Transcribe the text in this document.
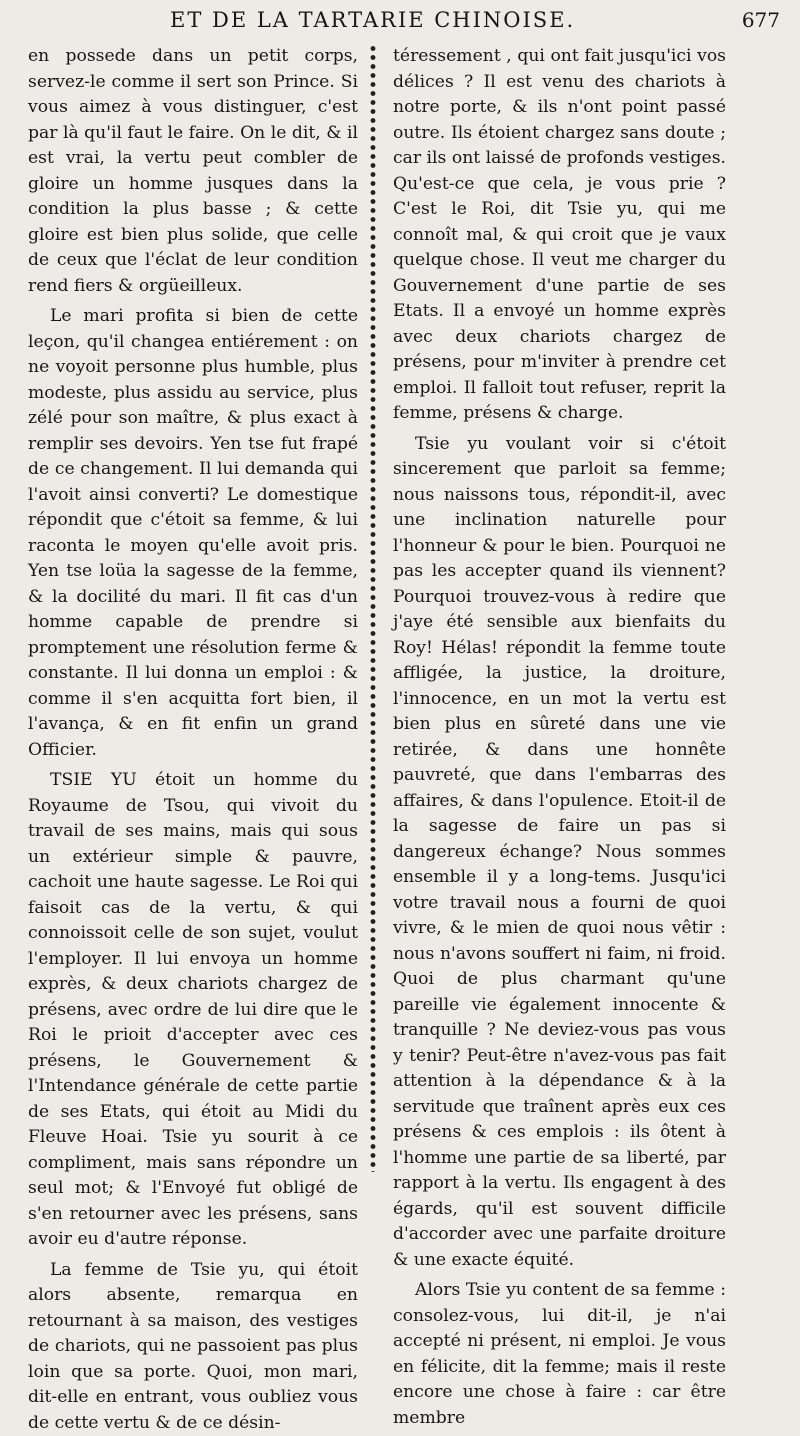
ET DE LA TARTARIE CHINOISE.	677

en possede dans un petit corps, servez-le comme il sert son Prince. Si vous aimez à vous distinguer, c'est par là qu'il faut le faire. On le dit, & il est vrai, la vertu peut combler de gloire un homme jusques dans la condition la plus basse ; & cette gloire est bien plus solide, que celle de ceux que l'éclat de leur condition rend fiers & orgüeilleux.

Le mari profita si bien de cette leçon, qu'il changea entiérement : on ne voyoit personne plus humble, plus modeste, plus assidu au service, plus zélé pour son maître, & plus exact à remplir ses devoirs. Yen tse fut frapé de ce changement. Il lui demanda qui l'avoit ainsi converti? Le domestique répondit que c'étoit sa femme, & lui raconta le moyen qu'elle avoit pris. Yen tse loüa la sagesse de la femme, & la docilité du mari. Il fit cas d'un homme capable de prendre si promptement une résolution ferme & constante. Il lui donna un emploi : & comme il s'en acquitta fort bien, il l'avança, & en fit enfin un grand Officier.

TSIE YU étoit un homme du Royaume de Tsou, qui vivoit du travail de ses mains, mais qui sous un extérieur simple & pauvre, cachoit une haute sagesse. Le Roi qui faisoit cas de la vertu, & qui connoissoit celle de son sujet, voulut l'employer. Il lui envoya un homme exprès, & deux chariots chargez de présens, avec ordre de lui dire que le Roi le prioit d'accepter avec ces présens, le Gouvernement & l'Intendance générale de cette partie de ses Etats, qui étoit au Midi du Fleuve Hoai. Tsie yu sourit à ce compliment, mais sans répondre un seul mot; & l'Envoyé fut obligé de s'en retourner avec les présens, sans avoir eu d'autre réponse.

La femme de Tsie yu, qui étoit alors absente, remarqua en retournant à sa maison, des vestiges de chariots, qui ne passoient pas plus loin que sa porte. Quoi, mon mari, dit-elle en entrant, vous oubliez vous de cette vertu & de ce désin-

téressement , qui ont fait jusqu'ici vos délices ? Il est venu des chariots à notre porte, & ils n'ont point passé outre. Ils étoient chargez sans doute ; car ils ont laissé de profonds vestiges. Qu'est-ce que cela, je vous prie ? C'est le Roi, dit Tsie yu, qui me connoît mal, & qui croit que je vaux quelque chose. Il veut me charger du Gouvernement d'une partie de ses Etats. Il a envoyé un homme exprès avec deux chariots chargez de présens, pour m'inviter à prendre cet emploi. Il falloit tout refuser, reprit la femme, présens & charge.

Tsie yu voulant voir si c'étoit sincerement que parloit sa femme; nous naissons tous, répondit-il, avec une inclination naturelle pour l'honneur & pour le bien. Pourquoi ne pas les accepter quand ils viennent? Pourquoi trouvez-vous à redire que j'aye été sensible aux bienfaits du Roy! Hélas! répondit la femme toute affligée, la justice, la droiture, l'innocence, en un mot la vertu est bien plus en sûreté dans une vie retirée, & dans une honnête pauvreté, que dans l'embarras des affaires, & dans l'opulence. Etoit-il de la sagesse de faire un pas si dangereux échange? Nous sommes ensemble il y a long-tems. Jusqu'ici votre travail nous a fourni de quoi vivre, & le mien de quoi nous vêtir : nous n'avons souffert ni faim, ni froid. Quoi de plus charmant qu'une pareille vie également innocente & tranquille ? Ne deviez-vous pas vous y tenir? Peut-être n'avez-vous pas fait attention à la dépendance & à la servitude que traînent après eux ces présens & ces emplois : ils ôtent à l'homme une partie de sa liberté, par rapport à la vertu. Ils engagent à des égards, qu'il est souvent difficile d'accorder avec une parfaite droiture & une exacte équité.

Alors Tsie yu content de sa femme : consolez-vous, lui dit-il, je n'ai accepté ni présent, ni emploi. Je vous en félicite, dit la femme; mais il reste encore une chose à faire : car être membre
